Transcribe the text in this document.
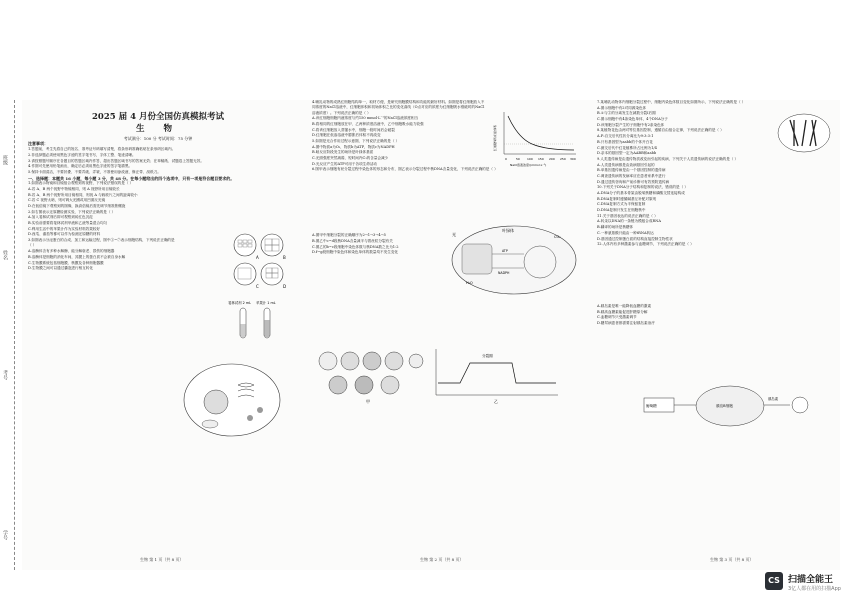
班级
姓名
考号
学号

2025 届 4 月份全国仿真模拟考试

生 物

考试满分：100 分 考试时间：75 分钟

注意事项：

1.答题前，考生先将自己的姓名、准考证号码填写清楚，将条形码准确粘贴在条形码区域内。

2.非选择题必须使用黑色字迹的签字笔书写，字体工整、笔迹清晰。

3.请按照题号顺序在各题目的答题区域内作答，超出答题区域书写的答案无效；在草稿纸、试题卷上答题无效。

4.作图可先使用铅笔画出，确定后必须用黑色字迹的签字笔描黑。

5.保持卡面清洁，不要折叠、不要弄破、弄皱，不准使用涂改液、修正带、刮纸刀。

一、选择题：本题共 16 小题，每小题 3 分，共 48 分。在每小题给出的四个选项中，只有一项是符合题目要求的。

1.如图表示物镜和目镜组合观察到的视野，下列说法错误的是（ ）

A.若 A、B 两个视野中物镜相同，则 A 视野所用目镜较长

B.若 A、B 两个视野所用目镜相同，则视 A 与载玻片之间的距离较小

C.若 C 视野太暗，则可调大光圈或用凹面反光镜

D.在低倍镜下观察到的图像，换高倍镜后需先调节细准焦螺旋

2.如右图表示还原糖检测实验，下列说法正确的是（ ）

A.加入斐林试剂后即可观察到砖红色沉淀

B.实验前需要将斐林试剂甲液和乙液等量混合均匀

C.利用生活中的苹果汁作为实验材料效果较好

D.西瓜、番茄等都可以作为检测还原糖的材料

3.如图表示分泌蛋白的合成、加工和运输过程，图中①~⑦表示细胞结构，下列说法正确的是（ ）

A.溶酶体含有多种水解酶，能分解衰老、损伤的细胞器

B.溶酶体是细胞的消化车间，其膜上的蛋白质不会被自身水解

C.生物膜系统包括细胞膜、核膜及各种细胞器膜

D.生物膜之间可以通过囊泡进行相互转化

A	B
C	D
斐林试剂 2 mL 苹果汁 1 mL
生物 第 1 页（共 8 页）

4.哺乳动物的成熟红细胞结构单一，取材方便，是研究细胞膜结构和功能的最好材料。如图是将红细胞放入不同浓度的NaCl溶液中，红细胞体积和初始体积之比的变化曲线（O点对应的浓度为红细胞吸水涨破时的NaCl溶液浓度）。下列说法正确的是（ ）

A.该红细胞细胞内液浓度与约150 mmol·L⁻¹的NaCl溶液浓度相当

B.将相同的红细胞放在甲、乙两种浓度溶液中，乙中细胞吸水能力较强

C.将该红细胞放入蒸馏水中，细胞一段时间后会破裂

D.红细胞在低渗溶液中膨胀后体积不再改变

5.如图是光合作用过程示意图，下列说法正确的是（ ）

A.图中物质a为O₂，物质b为ATP，物质c为NADPH

B.暗反应阶段发生的场所是叶绿体基质

C.光照强度突然减弱，短时间内C₃的含量会减少

D.光反应产生的ATP可用于各项生命活动

6.图甲表示细胞有丝分裂过程中染色体的形态和分布，图乙表示分裂过程中核DNA含量变化，下列说法正确的是（ ）

A.图甲中细胞分裂的正确顺序为2→1→3→4→5

B.图乙中c~d段核DNA含量减半与着丝粒分裂有关

C.图乙的b~c段细胞中染色体数与核DNA数之比为1:2

D.f~g段细胞中染色体和染色单体的数量均不发生变化

0	50 100 150 200 250 300
NaCl溶液浓度/(mmol·L⁻¹)
红细胞体积/初始体积
叶绿体
光
H₂O
CO₂
ATP
NADPH
甲
分裂期
乙
生物 第 2 页（共 8 页）

7.某哺乳动物体内细胞分裂过程中，细胞内染色体数目变化如图所示，下列说法正确的是（ ）

A.图示细胞中有2对同源染色体

B.①与②的分离发生在减数分裂Ⅰ后期

C.图示细胞中有4条染色单体，4个DNA分子

D.该细胞分裂产生的子细胞中有2条染色体

8.某植物花色由两对等位基因控制，遵循自由组合定律，下列说法正确的是（ ）

A.F₁自交后代性状分离比为9:3:3:1

B.只有基因型为aabb的个体开白花

C.测交后代中红花植株所占比例为1/4

D.亲本的基因型一定为AABB和aabb

9.人类遗传病是由遗传物质改变而引起的疾病，下列关于人类遗传病的说法正确的是（ ）

A.人类遗传病都是由致病基因引起的

B.单基因遗传病是由一个基因控制的遗传病

C.调查遗传病的发病率应在患者家系中进行

D.通过遗传咨询和产前诊断可有效预防遗传病

10.下列关于DNA分子结构和复制的说法，错误的是（ ）

A.DNA分子的基本骨架由脱氧核糖和磷酸交替连接构成

B.DNA复制时遵循碱基互补配对原则

C.DNA复制方式为半保留复制

D.DNA复制只发生在细胞核中

11.关于基因表达的说法正确的是（ ）

A.转录以DNA的一条链为模板合成RNA

B.翻译的场所是核糖体

C.一种氨基酸只能由一种tRNA转运

D.基因通过控制蛋白质的结构直接控制生物性状

12.人体内有多种激素参与血糖调节，下列说法正确的是（ ）

A.胰岛素是唯一能降低血糖的激素

B.胰高血糖素能促进肝糖原分解

C.血糖调节只受激素调节

D.糖尿病患者都需要注射胰岛素治疗

葡萄糖	胰岛B细胞
胰岛素
生物 第 3 页（共 8 页）
CS 扫描全能王
3亿人都在用的扫描App
